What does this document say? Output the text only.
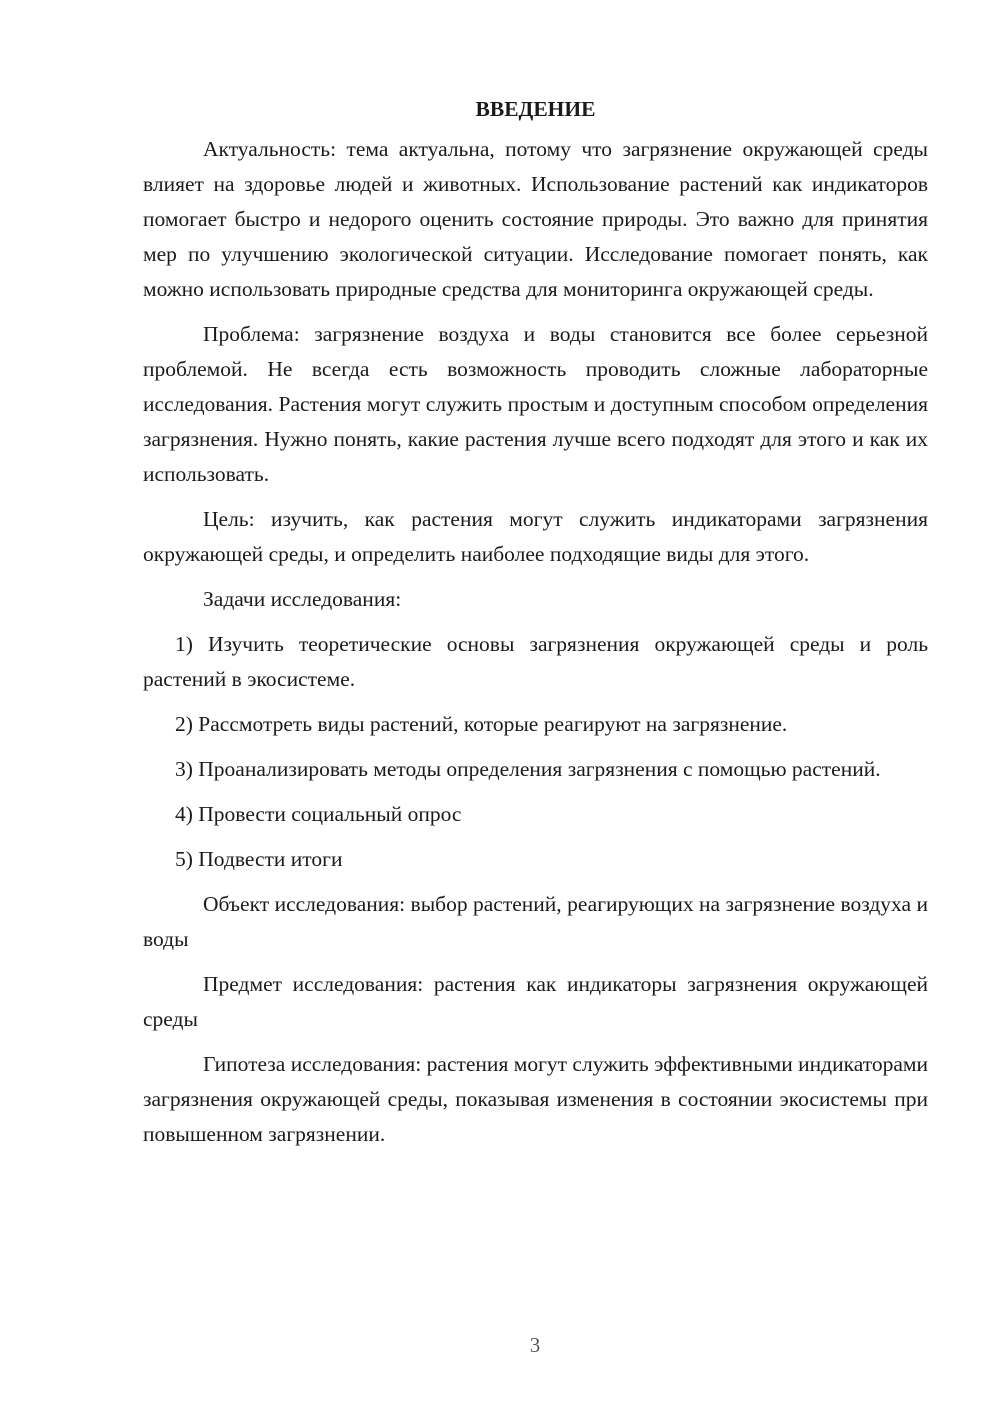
ВВЕДЕНИЕ

Актуальность: тема актуальна, потому что загрязнение окружающей среды влияет на здоровье людей и животных. Использование растений как индикаторов помогает быстро и недорого оценить состояние природы. Это важно для принятия мер по улучшению экологической ситуации. Исследование помогает понять, как можно использовать природные средства для мониторинга окружающей среды.

Проблема: загрязнение воздуха и воды становится все более серьезной проблемой. Не всегда есть возможность проводить сложные лабораторные исследования. Растения могут служить простым и доступным способом определения загрязнения. Нужно понять, какие растения лучше всего подходят для этого и как их использовать.

Цель: изучить, как растения могут служить индикаторами загрязнения окружающей среды, и определить наиболее подходящие виды для этого.

Задачи исследования:

1) Изучить теоретические основы загрязнения окружающей среды и роль растений в экосистеме.

2) Рассмотреть виды растений, которые реагируют на загрязнение.

3) Проанализировать методы определения загрязнения с помощью растений.

4) Провести социальный опрос

5) Подвести итоги

Объект исследования: выбор растений, реагирующих на загрязнение воздуха и воды

Предмет исследования: растения как индикаторы загрязнения окружающей среды

Гипотеза исследования: растения могут служить эффективными индикаторами загрязнения окружающей среды, показывая изменения в состоянии экосистемы при повышенном загрязнении.

3
